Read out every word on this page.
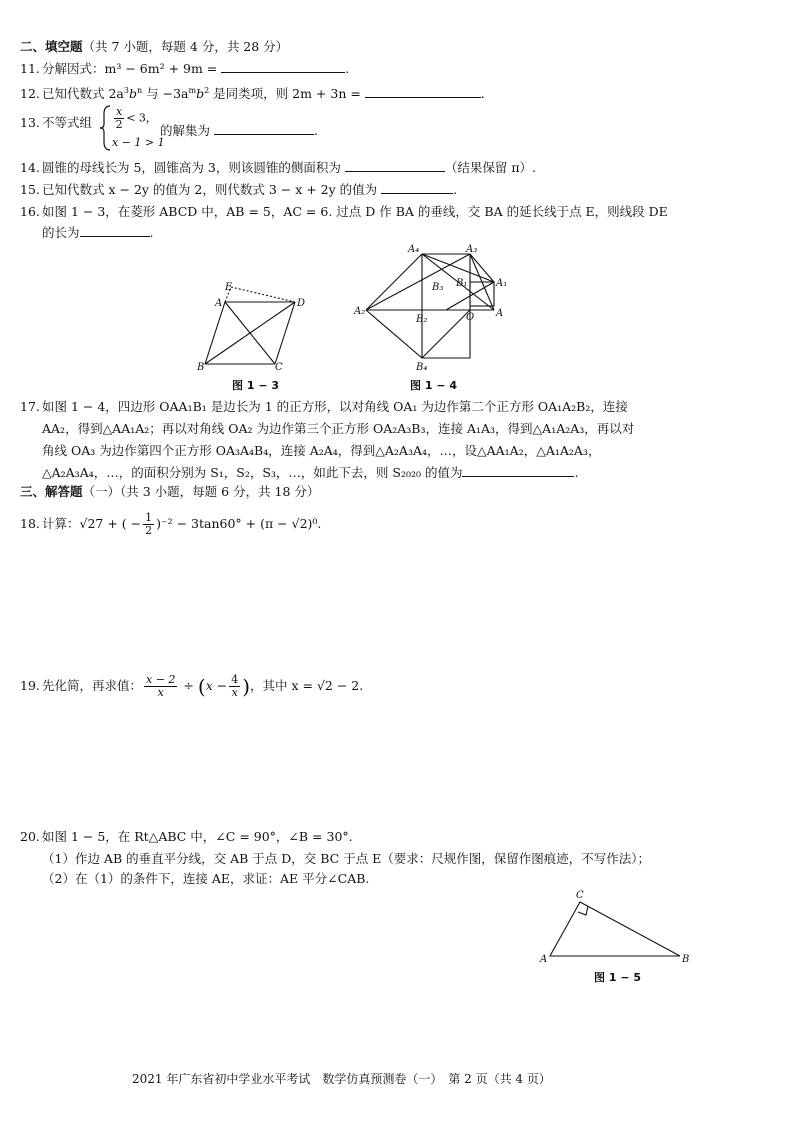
二、填空题（共 7 小题，每题 4 分，共 28 分）
11. 分解因式：m³ − 6m² + 9m =	.
12. 已知代数式 $2a^3b^n$ 与 $-3a^mb^2$ 是同类项，则 2m + 3n =	.
13. 不等式组 $\frac{x}{2} < 3$，
x − 1 > 1
的解集为	.
14. 圆锥的母线长为 5，圆锥高为 3，则该圆锥的侧面积为	（结果保留 π）.
15. 已知代数式 x − 2y 的值为 2，则代数式 3 − x + 2y 的值为	.
16. 如图 1 − 3，在菱形 ABCD 中，AB = 5，AC = 6. 过点 D 作 BA 的垂线，交 BA 的延长线于点 E，则线段 DE
的长为	.
E
A	D
B	C
图 1 − 3
A₄	A₃
B₃ B₁	A₁
A₂
O A
B₂
B₄
图 1 − 4
17. 如图 1 − 4，四边形 OAA₁B₁ 是边长为 1 的正方形，以对角线 OA₁ 为边作第二个正方形 OA₁A₂B₂，连接
AA₂，得到△AA₁A₂；再以对角线 OA₂ 为边作第三个正方形 OA₂A₃B₃，连接 A₁A₃，得到△A₁A₂A₃，再以对
角线 OA₃ 为边作第四个正方形 OA₃A₄B₄，连接 A₂A₄，得到△A₂A₃A₄，…，设△AA₁A₂，△A₁A₂A₃，
△A₂A₃A₄，…，的面积分别为 S₁，S₂，S₃，…，如此下去，则 S₂₀₂₀ 的值为	.
三、解答题（一）（共 3 小题，每题 6 分，共 18 分）
18. 计算：√27 + ( − $\frac{1}{2} )^{-2} - 3\tan 60^\circ + (\pi - √2)^0$.
19. 先化简，再求值： $\frac{x - 2}{x} \div (x - \frac{4}{x}$ )，其中 x = √2 − 2.
20. 如图 1 − 5，在 Rt△ABC 中，∠C = 90°，∠B = 30°.
（1）作边 AB 的垂直平分线，交 AB 于点 D，交 BC 于点 E（要求：尺规作图，保留作图痕迹，不写作法）；
（2）在（1）的条件下，连接 AE，求证：AE 平分∠CAB.
C
A	B
图 1 − 5
2021 年广东省初中学业水平考试　数学仿真预测卷（一）　第 2 页（共 4 页）
